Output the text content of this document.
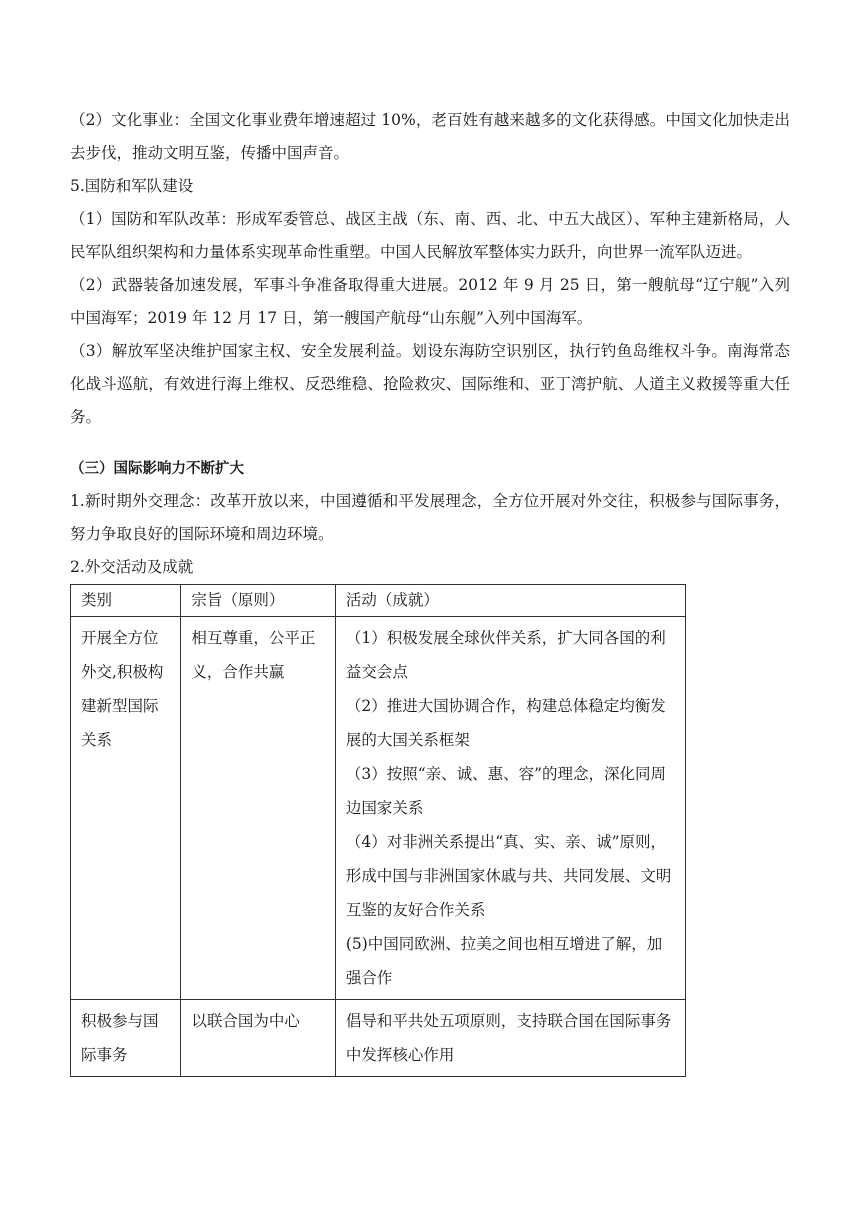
（2）文化事业：全国文化事业费年增速超过 10%，老百姓有越来越多的文化获得感。中国文化加快走出去步伐，推动文明互鉴，传播中国声音。

5.国防和军队建设

（1）国防和军队改革：形成军委管总、战区主战（东、南、西、北、中五大战区）、军种主建新格局，人民军队组织架构和力量体系实现革命性重塑。中国人民解放军整体实力跃升，向世界一流军队迈进。

（2）武器装备加速发展，军事斗争准备取得重大进展。2012 年 9 月 25 日，第一艘航母“辽宁舰”入列中国海军；2019 年 12 月 17 日，第一艘国产航母“山东舰”入列中国海军。

（3）解放军坚决维护国家主权、安全发展利益。划设东海防空识别区，执行钓鱼岛维权斗争。南海常态化战斗巡航，有效进行海上维权、反恐维稳、抢险救灾、国际维和、亚丁湾护航、人道主义救援等重大任务。

（三）国际影响力不断扩大

1.新时期外交理念：改革开放以来，中国遵循和平发展理念，全方位开展对外交往，积极参与国际事务，努力争取良好的国际环境和周边环境。

2.外交活动及成就

类别	宗旨（原则）	活动（成就）
开展全方位外交,积极构建新型国际关系	相互尊重，公平正义，合作共赢	（1）积极发展全球伙伴关系，扩大同各国的利益交会点

（2）推进大国协调合作，构建总体稳定均衡发展的大国关系框架

（3）按照“亲、诚、惠、容”的理念，深化同周边国家关系

（4）对非洲关系提出“真、实、亲、诚”原则，形成中国与非洲国家休戚与共、共同发展、文明互鉴的友好合作关系

(5)中国同欧洲、拉美之间也相互增进了解，加强合作

积极参与国际事务	以联合国为中心	倡导和平共处五项原则，支持联合国在国际事务中发挥核心作用
